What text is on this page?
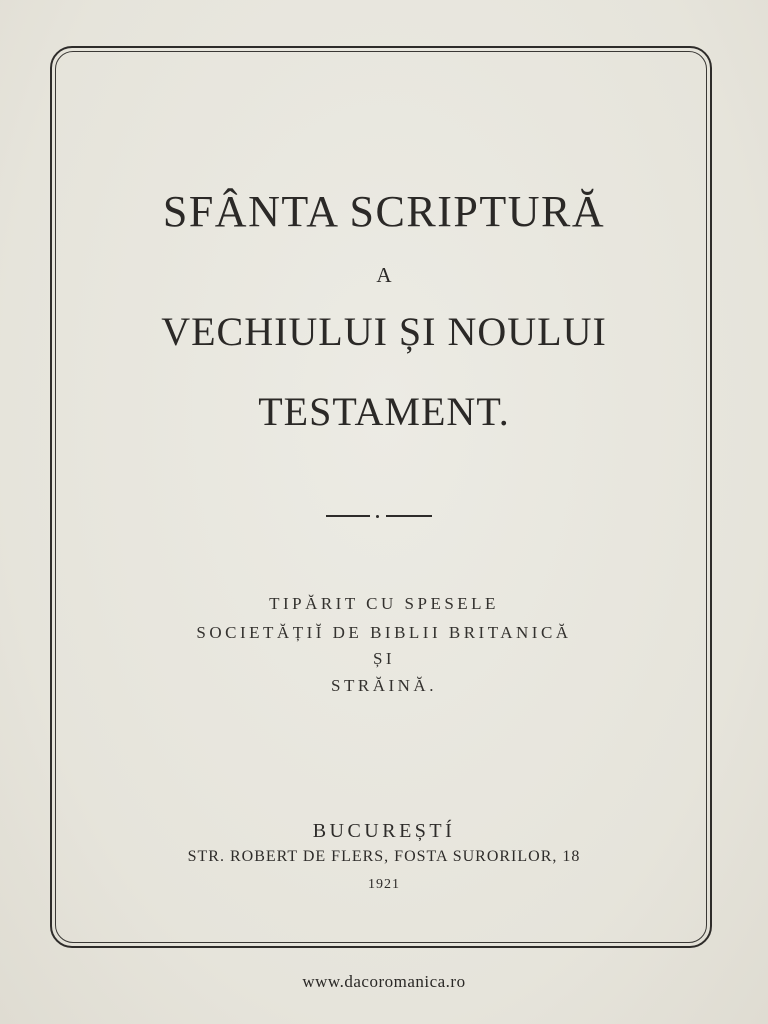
SFÂNTA SCRIPTURĂ
A
VECHIULUI ȘI NOULUI
TESTAMENT.
TIPĂRIT CU SPESELE
SOCIETĂȚIĬ DE BIBLII BRITANICĂ
ȘI
STRĂINĂ.
BUCUREȘTÍ
STR. ROBERT DE FLERS, FOSTA SURORILOR, 18
1921
www.dacoromanica.ro
